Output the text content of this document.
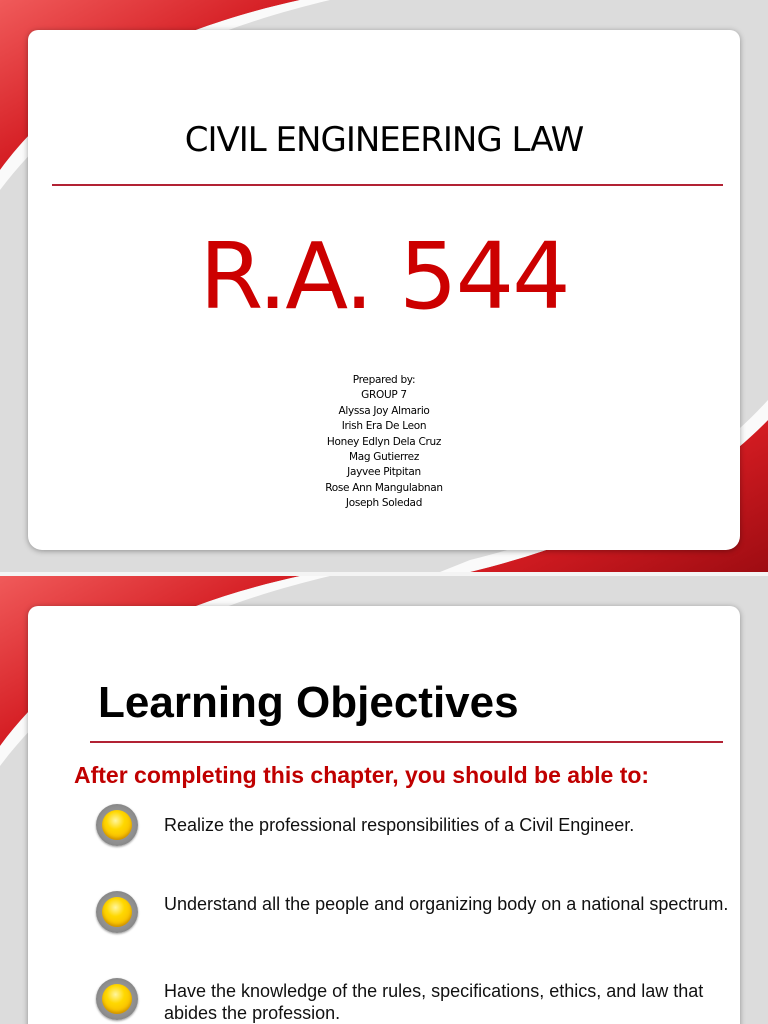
CIVIL ENGINEERING LAW
R.A. 544
Prepared by:
GROUP 7
Alyssa Joy Almario
Irish Era De Leon
Honey Edlyn Dela Cruz
Mag Gutierrez
Jayvee Pitpitan
Rose Ann Mangulabnan
Joseph Soledad
Learning Objectives
After completing this chapter, you should be able to:
Realize the professional responsibilities of a Civil Engineer.
Understand all the people and organizing body on a national spectrum.
Have the knowledge of the rules, specifications, ethics, and law that abides the profession.
